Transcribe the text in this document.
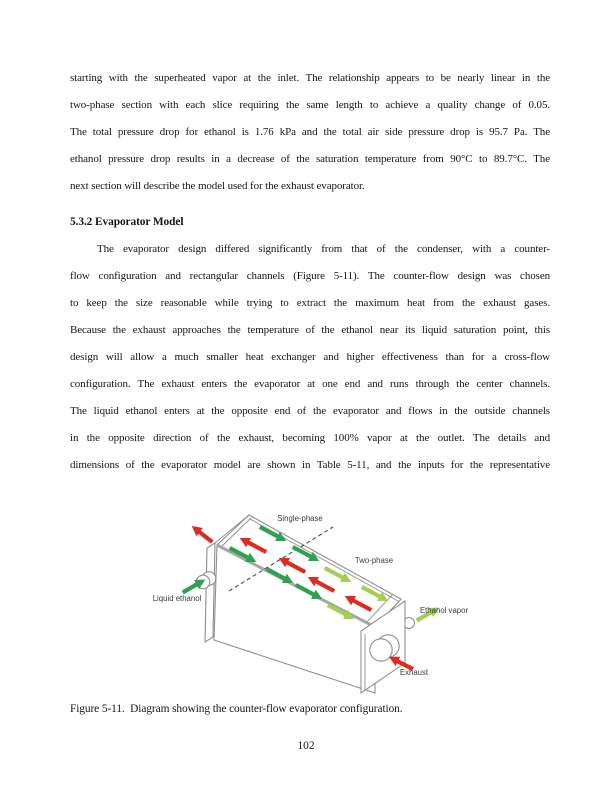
starting with the superheated vapor at the inlet. The relationship appears to be nearly linear in the
two-phase section with each slice requiring the same length to achieve a quality change of 0.05.
The total pressure drop for ethanol is 1.76 kPa and the total air side pressure drop is 95.7 Pa. The
ethanol pressure drop results in a decrease of the saturation temperature from 90°C to 89.7°C. The
next section will describe the model used for the exhaust evaporator.
5.3.2 Evaporator Model
The evaporator design differed significantly from that of the condenser, with a counter-
flow configuration and rectangular channels (Figure 5-11). The counter-flow design was chosen
to keep the size reasonable while trying to extract the maximum heat from the exhaust gases.
Because the exhaust approaches the temperature of the ethanol near its liquid saturation point, this
design will allow a much smaller heat exchanger and higher effectiveness than for a cross-flow
configuration. The exhaust enters the evaporator at one end and runs through the center channels.
The liquid ethanol enters at the opposite end of the evaporator and flows in the outside channels
in the opposite direction of the exhaust, becoming 100% vapor at the outlet. The details and
dimensions of the evaporator model are shown in Table 5-11, and the inputs for the representative
Single-phase
Two-phase
Liquid ethanol
Ethanol vapor
Exhaust
Figure 5-11.  Diagram showing the counter-flow evaporator configuration.
102
